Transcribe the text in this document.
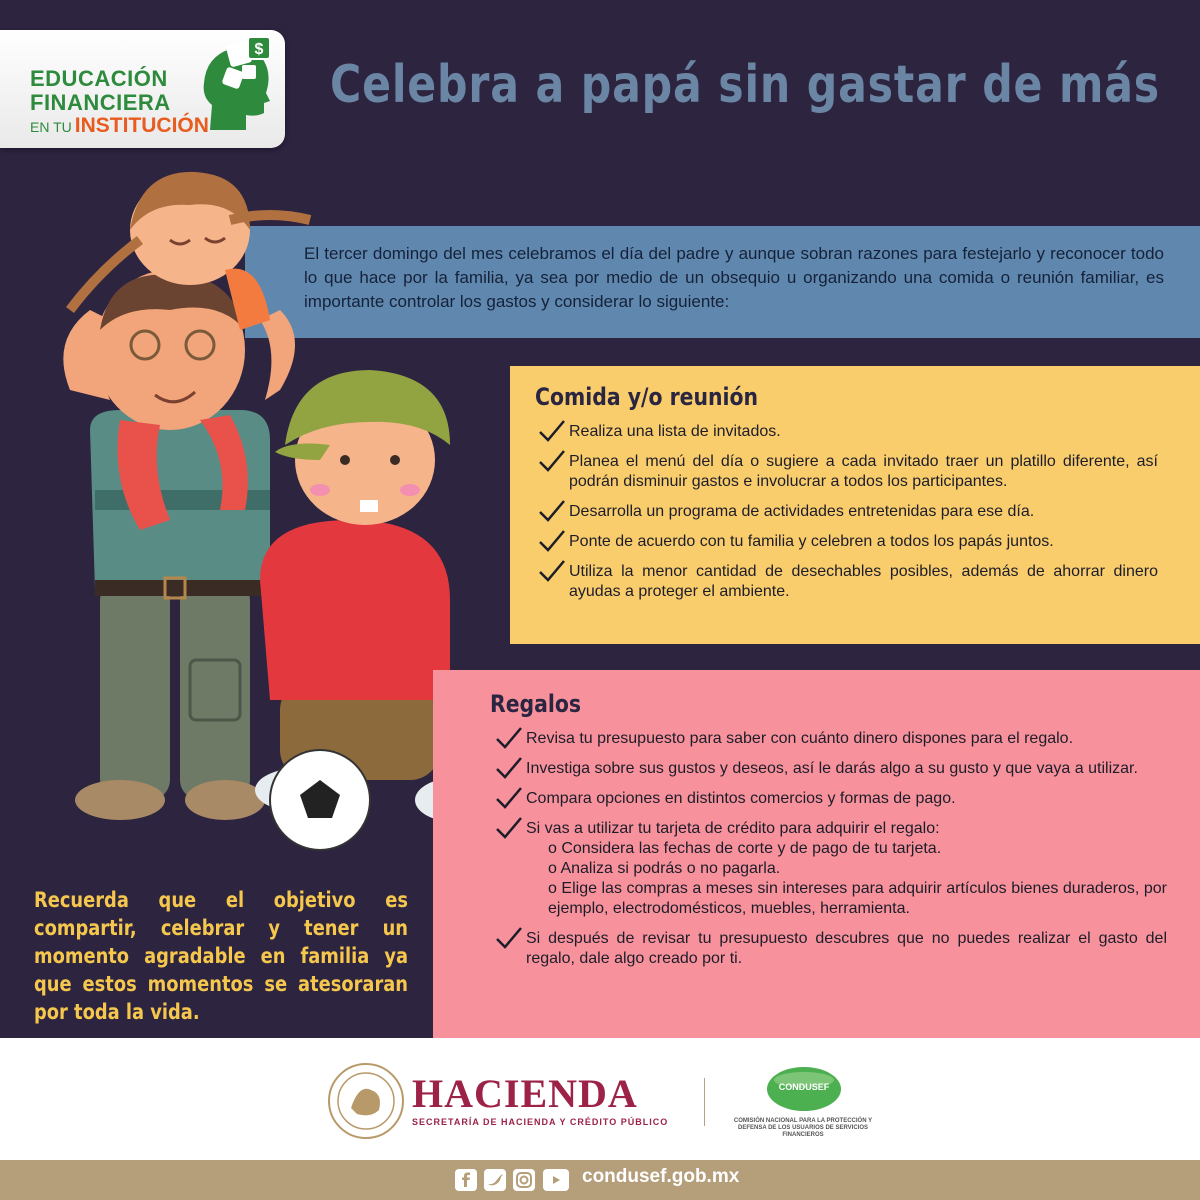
EDUCACIÓN
FINANCIERA
EN TU INSTITUCIÓN
$
Celebra a papá sin gastar de más

El tercer domingo del mes celebramos el día del padre y aunque sobran razones para festejarlo y reconocer todo lo que hace por la familia, ya sea por medio de un obsequio u organizando una comida o reunión familiar, es importante controlar los gastos y considerar lo siguiente:

Comida y/o reunión
Realiza una lista de invitados.
Planea el menú del día o sugiere a cada invitado traer un platillo diferente, así podrán disminuir gastos e involucrar a todos los participantes.
Desarrolla un programa de actividades entretenidas para ese día.
Ponte de acuerdo con tu familia y celebren a todos los papás juntos.
Utiliza la menor cantidad de desechables posibles, además de ahorrar dinero ayudas a proteger el ambiente.
Regalos
Revisa tu presupuesto para saber con cuánto dinero dispones para el regalo.
Investiga sobre sus gustos y deseos, así le darás algo a su gusto y que vaya a utilizar.
Compara opciones en distintos comercios y formas de pago.
Si vas a utilizar tu tarjeta de crédito para adquirir el regalo:
o Considera las fechas de corte y de pago de tu tarjeta.
o Analiza si podrás o no pagarla.
o Elige las compras a meses sin intereses para adquirir artículos bienes duraderos, por ejemplo, electrodomésticos, muebles, herramienta.
Si después de revisar tu presupuesto descubres que no puedes realizar el gasto del regalo, dale algo creado por ti.

Recuerda que el objetivo es compartir, celebrar y tener un momento agradable en familia ya que estos momentos se atesoraran por toda la vida.

HACIENDA
SECRETARÍA DE HACIENDA Y CRÉDITO PÚBLICO
CONDUSEF
COMISIÓN NACIONAL PARA LA PROTECCIÓN Y DEFENSA DE LOS USUARIOS DE SERVICIOS FINANCIEROS
condusef.gob.mx
